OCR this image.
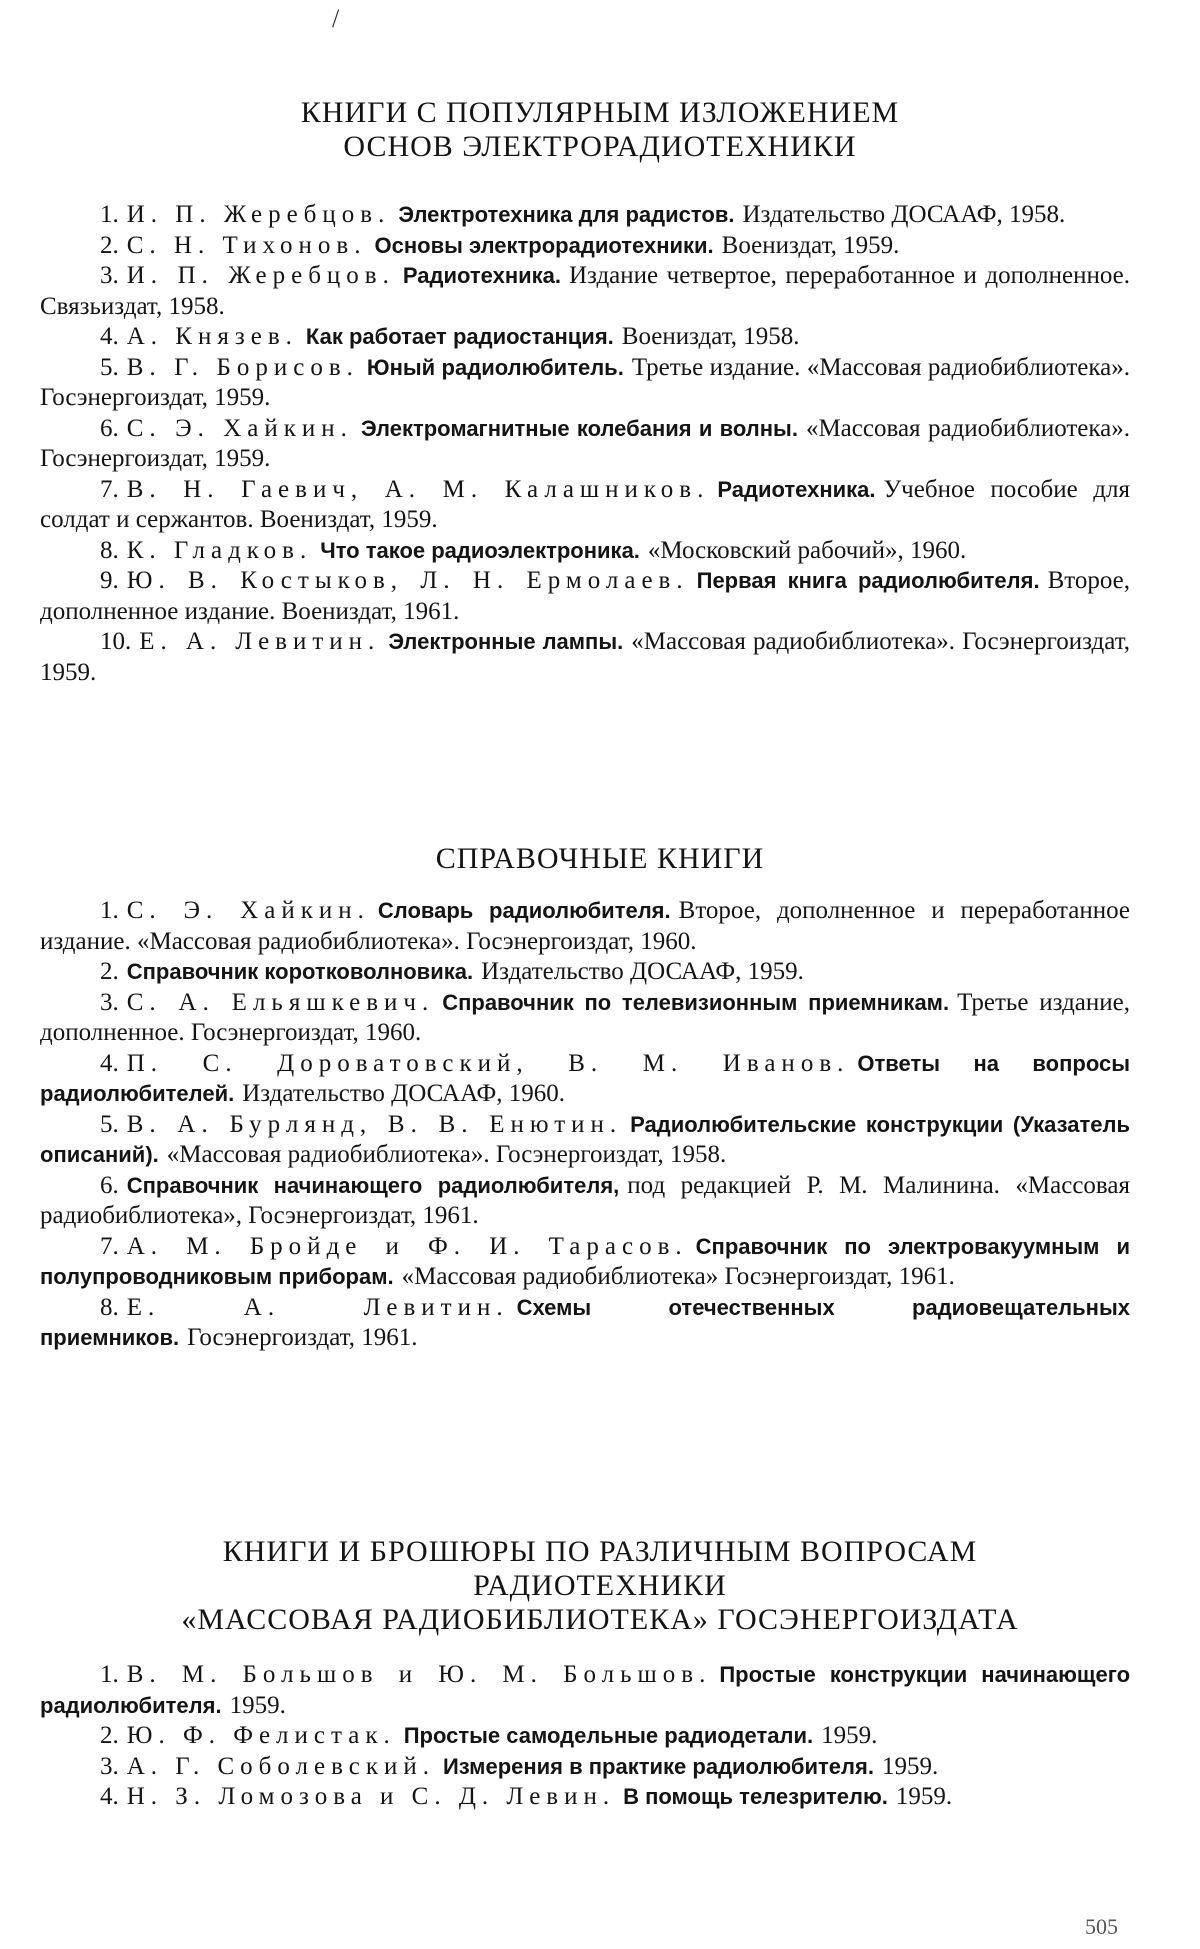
/
КНИГИ С ПОПУЛЯРНЫМ ИЗЛОЖЕНИЕМ
ОСНОВ ЭЛЕКТРОРАДИОТЕХНИКИ

1. И. П. Жеребцов. Электротехника для радистов. Издательство ДОСААФ, 1958.

2. С. Н. Тихонов. Основы электрорадиотехники. Воениздат, 1959.

3. И. П. Жеребцов. Радиотехника. Издание четвертое, переработанное и дополненное. Связьиздат, 1958.

4. А. Князев. Как работает радиостанция. Воениздат, 1958.

5. В. Г. Борисов. Юный радиолюбитель. Третье издание. «Массовая радиобиблиотека». Госэнергоиздат, 1959.

6. С. Э. Хайкин. Электромагнитные колебания и волны. «Массовая радиобиблиотека». Госэнергоиздат, 1959.

7. В. Н. Гаевич, А. М. Калашников. Радиотехника. Учебное пособие для солдат и сержантов. Воениздат, 1959.

8. К. Гладков. Что такое радиоэлектроника. «Московский рабочий», 1960.

9. Ю. В. Костыков, Л. Н. Ермолаев. Первая книга радиолюбителя. Второе, дополненное издание. Воениздат, 1961.

10. Е. А. Левитин. Электронные лампы. «Массовая радиобиблиотека». Госэнергоиздат, 1959.

СПРАВОЧНЫЕ КНИГИ

1. С. Э. Хайкин. Словарь радиолюбителя. Второе, дополненное и переработанное издание. «Массовая радиобиблиотека». Госэнергоиздат, 1960.

2. Справочник коротковолновика. Издательство ДОСААФ, 1959.

3. С. А. Ельяшкевич. Справочник по телевизионным приемникам. Третье издание, дополненное. Госэнергоиздат, 1960.

4. П. С. Дороватовский, В. М. Иванов. Ответы на вопросы радиолюбителей. Издательство ДОСААФ, 1960.

5. В. А. Бурлянд, В. В. Енютин. Радиолюбительские конструкции (Указатель описаний). «Массовая радиобиблиотека». Госэнергоиздат, 1958.

6. Справочник начинающего радиолюбителя, под редакцией Р. М. Малинина. «Массовая радиобиблиотека», Госэнергоиздат, 1961.

7. А. М. Бройде и Ф. И. Тарасов. Справочник по электровакуумным и полупроводниковым приборам. «Массовая радиобиблиотека» Госэнергоиздат, 1961.

8. Е. А. Левитин. Схемы отечественных радиовещательных приемников. Госэнергоиздат, 1961.

КНИГИ И БРОШЮРЫ ПО РАЗЛИЧНЫМ ВОПРОСАМ
РАДИОТЕХНИКИ
«МАССОВАЯ РАДИОБИБЛИОТЕКА» ГОСЭНЕРГОИЗДАТА

1. В. М. Большов и Ю. М. Большов. Простые конструкции начинающего радиолюбителя. 1959.

2. Ю. Ф. Фелистак. Простые самодельные радиодетали. 1959.

3. А. Г. Соболевский. Измерения в практике радиолюбителя. 1959.

4. Н. З. Ломозова и С. Д. Левин. В помощь телезрителю. 1959.

505
